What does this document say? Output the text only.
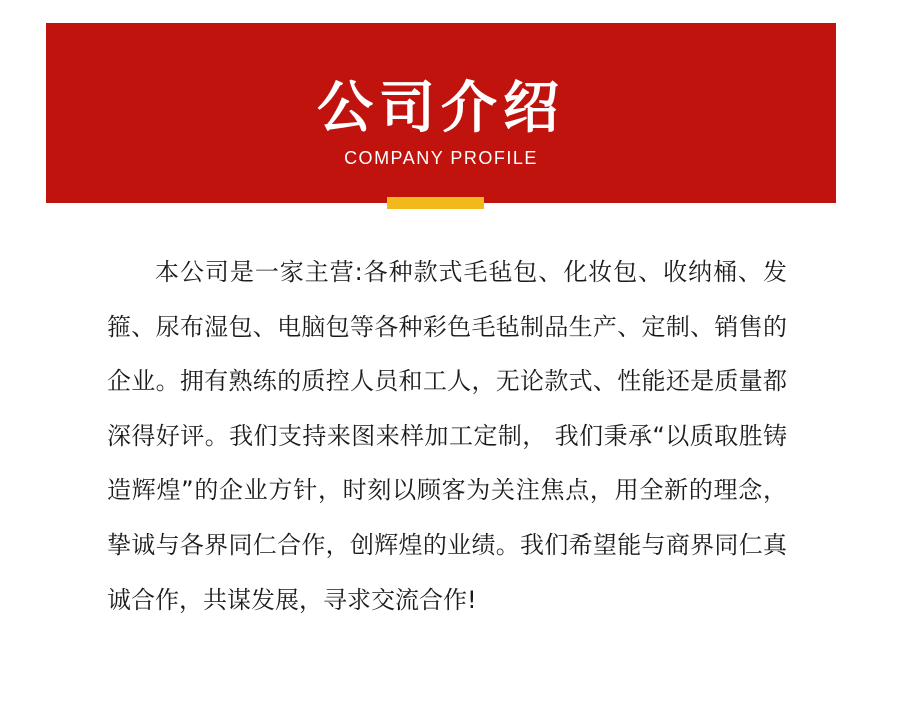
公司介绍
COMPANY PROFILE

本公司是一家主营:各种款式毛毡包、化妆包、收纳桶、发箍、尿布湿包、电脑包等各种彩色毛毡制品生产、定制、销售的企业。拥有熟练的质控人员和工人，无论款式、性能还是质量都深得好评。我们支持来图来样加工定制， 我们秉承“以质取胜铸造辉煌”的企业方针，时刻以顾客为关注焦点，用全新的理念，挚诚与各界同仁合作，创辉煌的业绩。我们希望能与商界同仁真诚合作，共谋发展，寻求交流合作!
